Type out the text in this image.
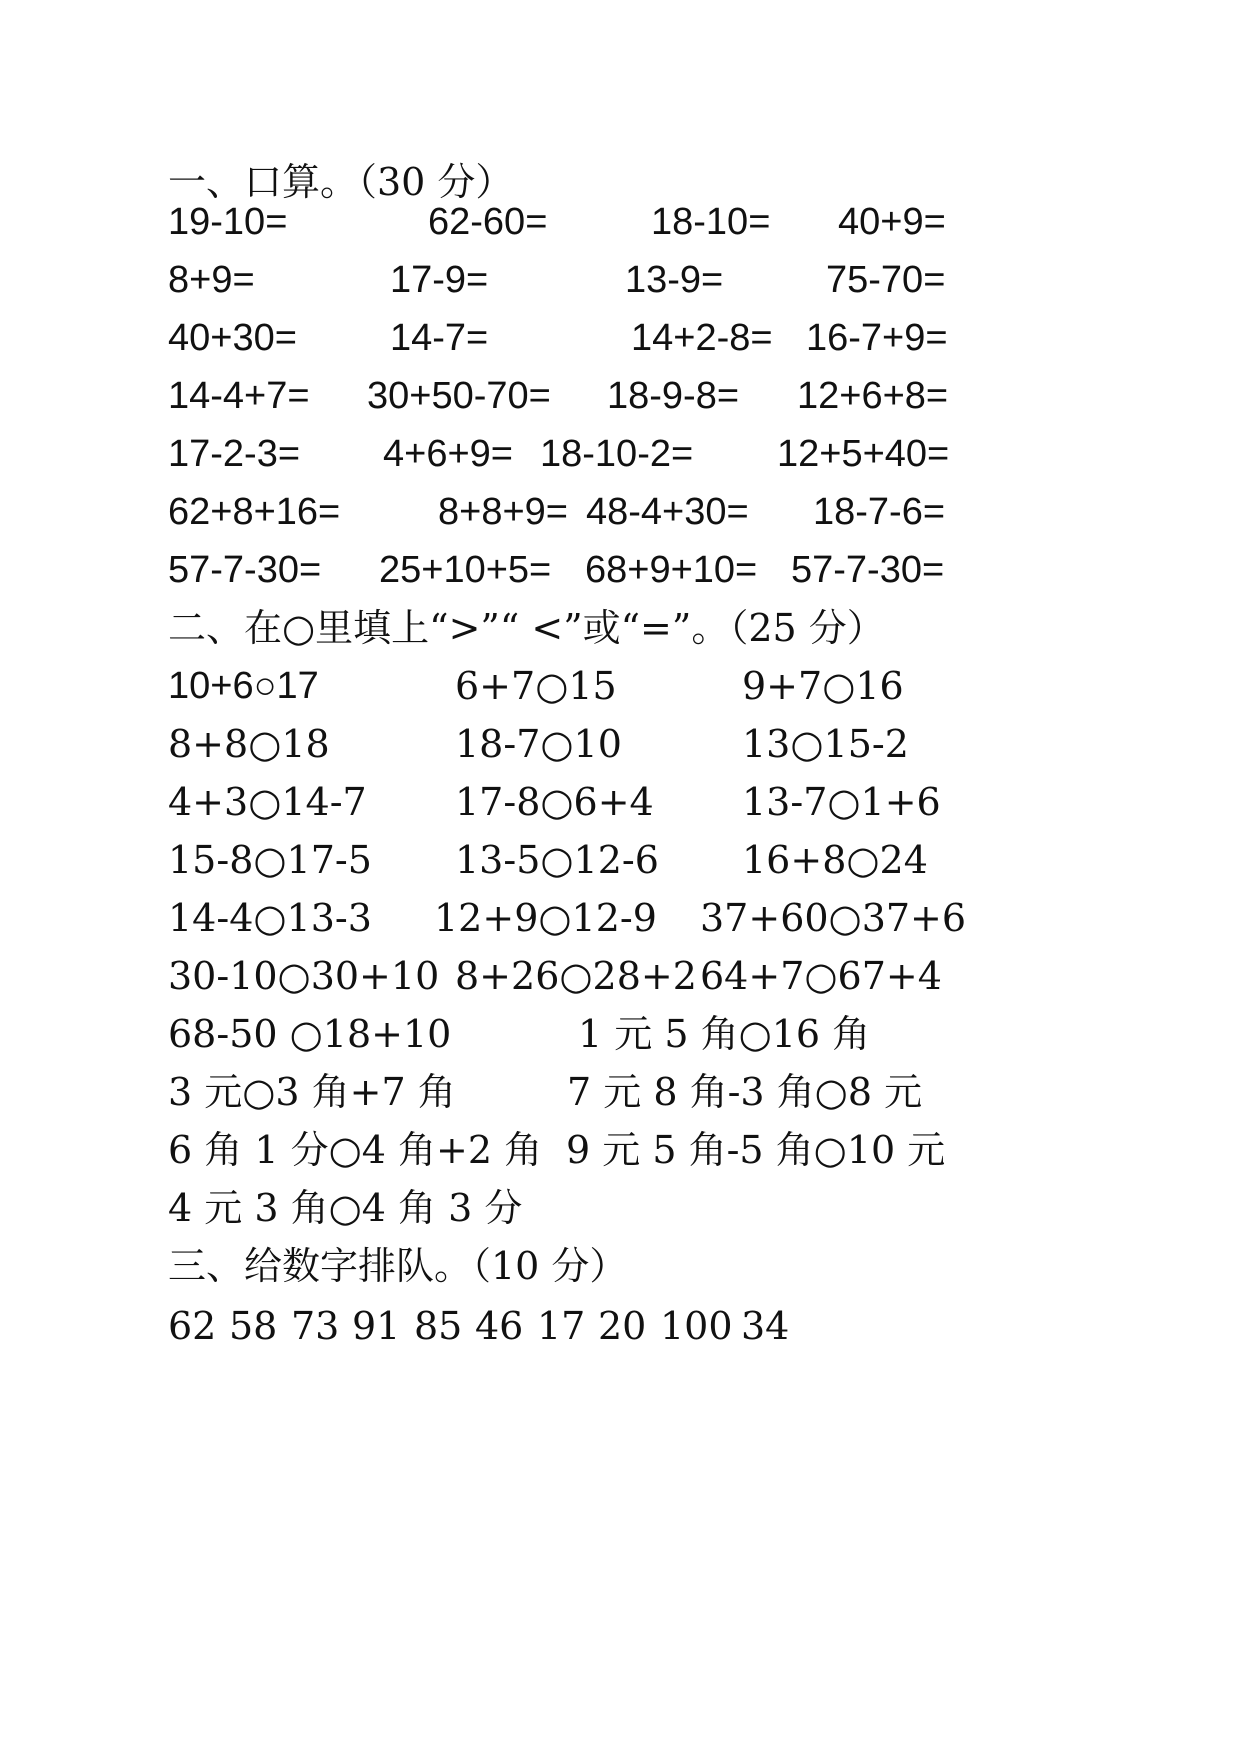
一、口算。（30 分）
19-10=	62-60=	18-10= 40+9=
8+9=	17-9=	13-9=	75-70=
40+30= 14-7=	14+2-8= 16-7+9=
14-4+7= 30+50-70= 18-9-8= 12+6+8=
17-2-3= 4+6+9= 18-10-2= 12+5+40=
62+8+16=	8+8+9= 48-4+30= 18-7-6=
57-7-30= 25+10+5= 68+9+10= 57-7-30=
二、在○里填上“>”“ <”或“=”。（25 分）
10+6○17	6+7○15	9+7○16
8+8○18	18-7○10	13○15-2
4+3○14-7 17-8○6+4 13-7○1+6
15-8○17-5 13-5○12-6 16+8○24
14-4○13-3 12+9○12-9 37+60○37+6
30-10○30+10 8+26○28+2 64+7○67+4
68-50 ○18+10	1 元 5 角○16 角
3 元○3 角+7 角	7 元 8 角-3 角○8 元
6 角 1 分○4 角+2 角 9 元 5 角-5 角○10 元
4 元 3 角○4 角 3 分
三、给数字排队。（10 分）
62 58 73 91 85 46 17 20 100 34
